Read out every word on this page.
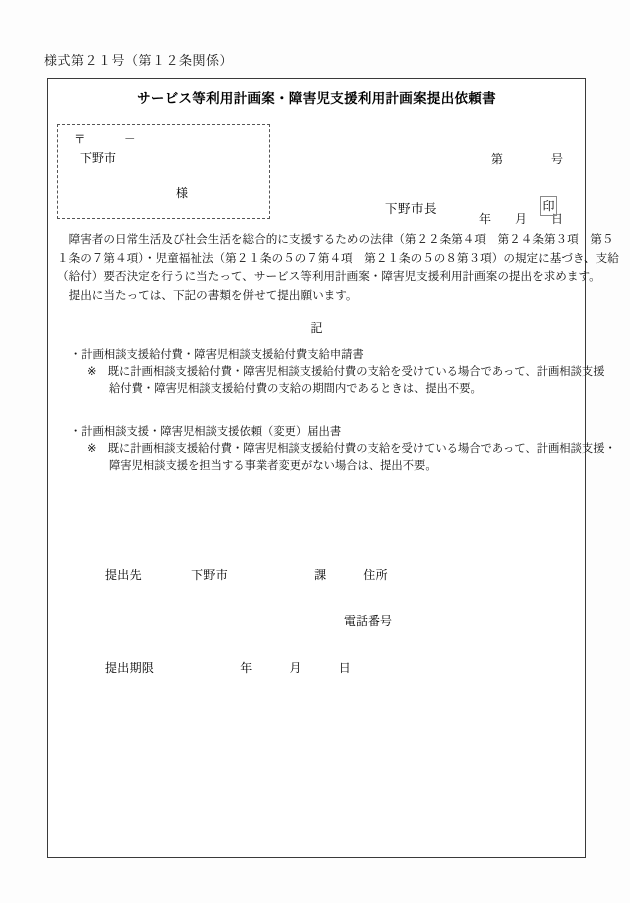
様式第２１号（第１２条関係）
サービス等利用計画案・障害児支援利用計画案提出依頼書

第　　　　号

年　　月　　日

〒　　　－
下野市
様
下野市長	印
　障害者の日常生活及び社会生活を総合的に支援するための法律（第２２条第４項　第２４条第３項　第５
１条の７第４項）・児童福祉法（第２１条の５の７第４項　第２１条の５の８第３項）の規定に基づき、支給
（給付）要否決定を行うに当たって、サービス等利用計画案・障害児支援利用計画案の提出を求めます。
　提出に当たっては、下記の書類を併せて提出願います。
記
・計画相談支援給付費・障害児相談支援給付費支給申請書
※　既に計画相談支援給付費・障害児相談支援給付費の支給を受けている場合であって、計画相談支援
給付費・障害児相談支援給付費の支給の期間内であるときは、提出不要。
・計画相談支援・障害児相談支援依頼（変更）届出書
※　既に計画相談支援給付費・障害児相談支援給付費の支給を受けている場合であって、計画相談支援・
障害児相談支援を担当する事業者変更がない場合は、提出不要。
提出先　　　　下野市　　　　　　　課　　　住所
電話番号
提出期限　　　　　　　年　　　月　　　日
